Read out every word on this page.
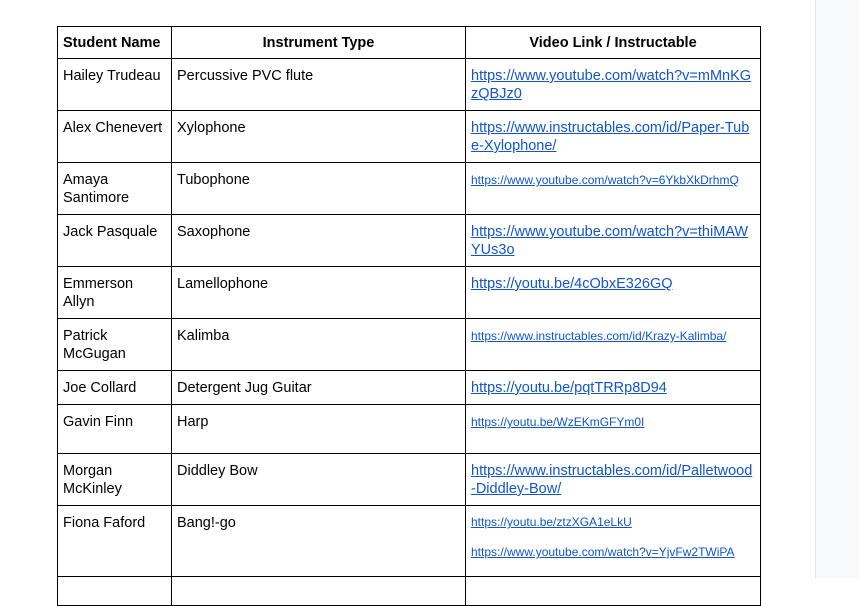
Student Name	Instrument Type	Video Link / Instructable
Hailey Trudeau	Percussive PVC flute	https://www.youtube.com/watch?v=mMnKGzQBJz0
Alex Chenevert	Xylophone	https://www.instructables.com/id/Paper-Tube-Xylophone/
Amaya Santimore	Tubophone	https://www.youtube.com/watch?v=6YkbXkDrhmQ
Jack Pasquale	Saxophone	https://www.youtube.com/watch?v=thiMAWYUs3o
Emmerson Allyn	Lamellophone	https://youtu.be/4cObxE326GQ
Patrick McGugan	Kalimba	https://www.instructables.com/id/Krazy-Kalimba/
Joe Collard	Detergent Jug Guitar	https://youtu.be/pqtTRRp8D94
Gavin Finn	Harp	https://youtu.be/WzEKmGFYm0I
Morgan McKinley	Diddley Bow	https://www.instructables.com/id/Palletwood-Diddley-Bow/
Fiona Faford	Bang!-go	https://youtu.be/ztzXGA1eLkU
https://www.youtube.com/watch?v=YjvFw2TWiPA
